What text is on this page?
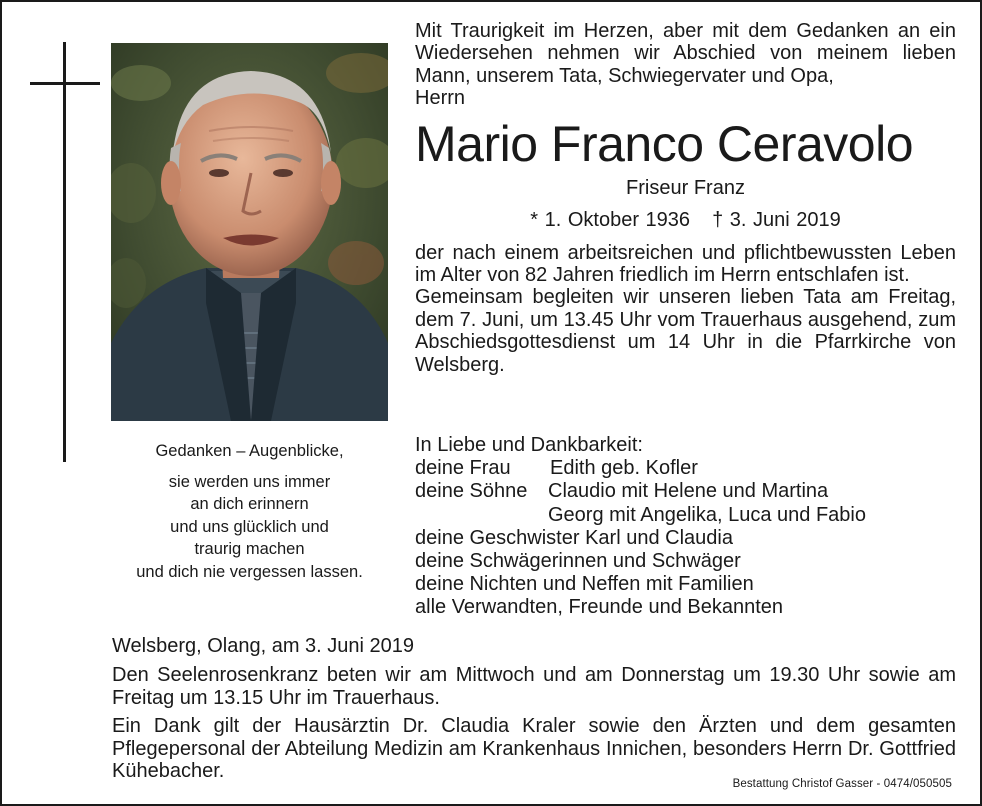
Gedanken – Augenblicke,
sie werden uns immer
an dich erinnern
und uns glücklich und
traurig machen
und dich nie vergessen lassen.

Mit Traurigkeit im Herzen, aber mit dem Gedanken an ein Wiedersehen nehmen wir Abschied von meinem lieben Mann, unserem Tata, Schwiegervater und Opa,
Herrn

Mario Franco Ceravolo
Friseur Franz
* 1. Oktober 1936 † 3. Juni 2019

der nach einem arbeitsreichen und pflichtbewussten Leben im Alter von 82 Jahren friedlich im Herrn entschlafen ist.

Gemeinsam begleiten wir unseren lieben Tata am Freitag, dem 7. Juni, um 13.45 Uhr vom Trauerhaus ausgehend, zum Abschiedsgottesdienst um 14 Uhr in die Pfarrkirche von Welsberg.

In Liebe und Dankbarkeit:
deine Frau	Edith geb. Kofler
deine Söhne	Claudio mit Helene und Martina
Georg mit Angelika, Luca und Fabio
deine Geschwister Karl und Claudia
deine Schwägerinnen und Schwäger
deine Nichten und Neffen mit Familien
alle Verwandten, Freunde und Bekannten
Welsberg, Olang, am 3. Juni 2019

Den Seelenrosenkranz beten wir am Mittwoch und am Donnerstag um 19.30 Uhr sowie am Freitag um 13.15 Uhr im Trauerhaus.

Ein Dank gilt der Hausärztin Dr. Claudia Kraler sowie den Ärzten und dem gesamten Pflegepersonal der Abteilung Medizin am Krankenhaus Innichen, besonders Herrn Dr. Gottfried Kühebacher.

Bestattung Christof Gasser - 0474/050505
